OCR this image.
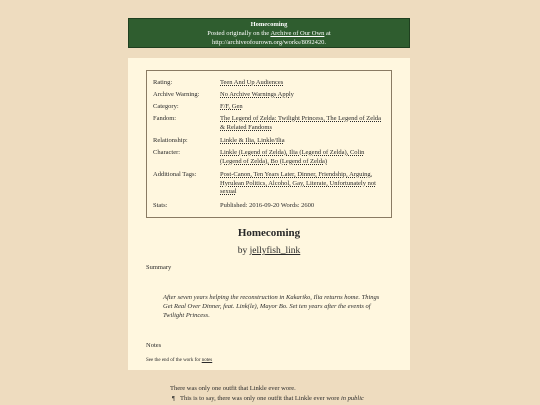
Homecoming
Posted originally on the Archive of Our Own at
http://archiveofourown.org/works/8092420.
Rating:	Teen And Up Audiences
Archive Warning:	No Archive Warnings Apply
Category:	F/F, Gen
Fandom:	The Legend of Zelda: Twilight Princess, The Legend of Zelda & Related Fandoms
Relationship:	Linkle & Ilia, Linkle/Ilia
Character:	Linkle (Legend of Zelda), Ilia (Legend of Zelda), Colin (Legend of Zelda), Bo (Legend of Zelda)
Additional Tags:	Post-Canon, Ten Years Later, Dinner, Friendship, Arguing, Hyrulean Politics, Alcohol, Gay, Literate, Unfortunately not sexual
Stats:	Published: 2016-09-20 Words: 2600
Homecoming
by jellyfish_link
Summary
After seven years helping the reconstruction in Kakariko, Ilia returns home. Things Get Real Over Dinner, feat. Link(le), Mayor Bo. Set ten years after the events of Twilight Princess.
Notes
See the end of the work for notes
There was only one outfit that Linkle ever wore.
¶ This is to say, there was only one outfit that Linkle ever wore in public
